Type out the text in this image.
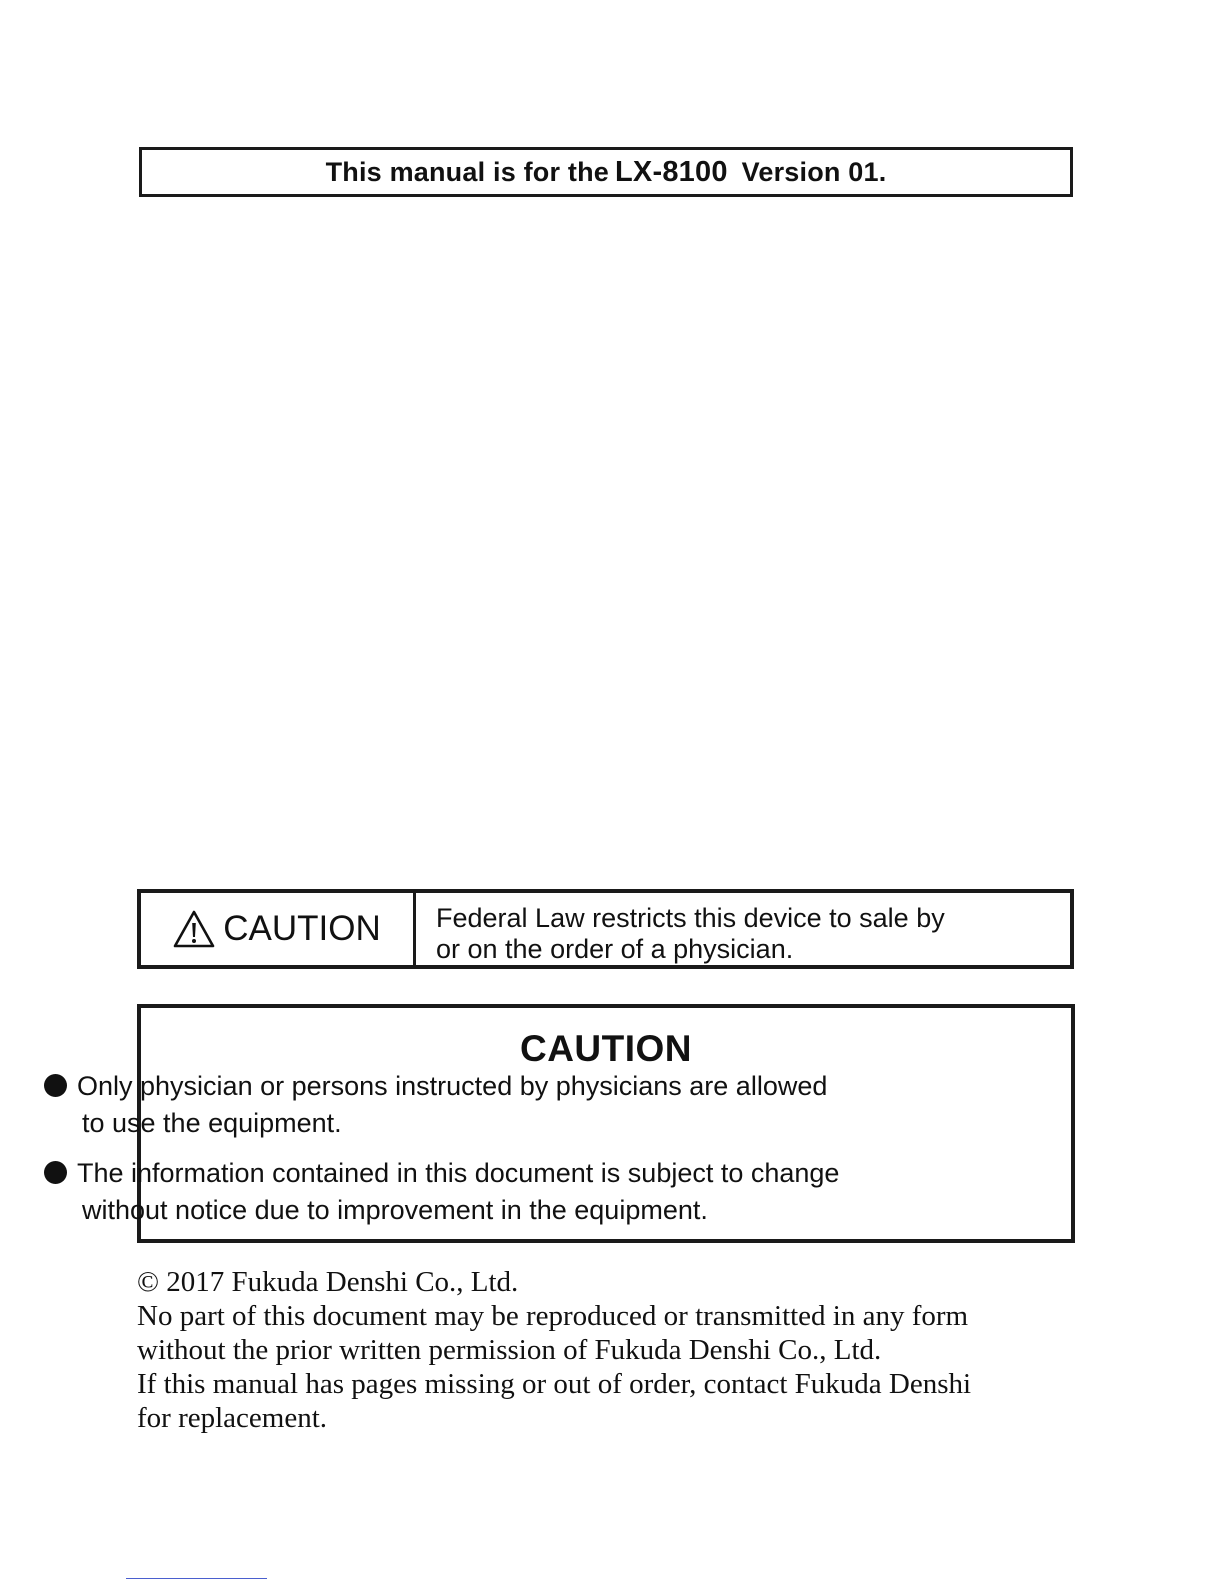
This manual is for the LX-8100 Version 01.
CAUTION Federal Law restricts this device to sale by
or on the order of a physician.
CAUTION
Only physician or persons instructed by physicians are allowed
to use the equipment.
The information contained in this document is subject to change
without notice due to improvement in the equipment.
© 2017 Fukuda Denshi Co., Ltd.
No part of this document may be reproduced or transmitted in any form
without the prior written permission of Fukuda Denshi Co., Ltd.
If this manual has pages missing or out of order, contact Fukuda Denshi
for replacement.
